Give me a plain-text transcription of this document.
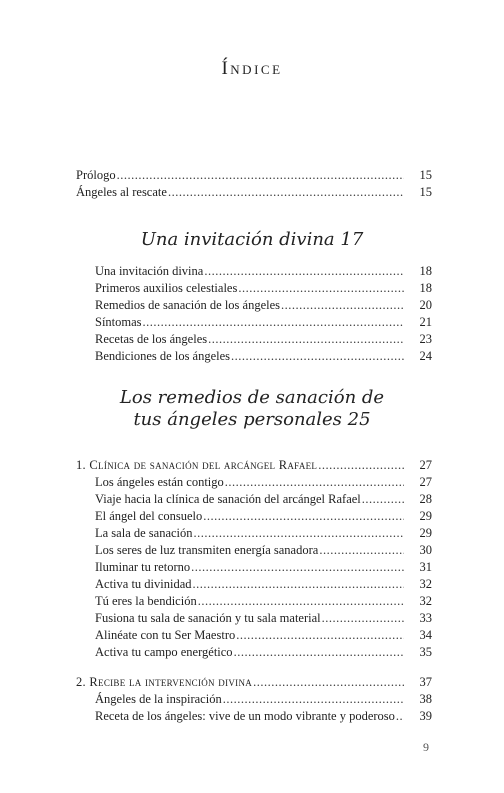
Índice
Prólogo .....	15
Ángeles al rescate .....	15
Una invitación divina 17
Una invitación divina .....	18
Primeros auxilios celestiales .....	18
Remedios de sanación de los ángeles .....	20
Síntomas .....	21
Recetas de los ángeles .....	23
Bendiciones de los ángeles .....	24
Los remedios de sanación de
tus ángeles personales 25
1. Clínica de sanación del arcángel Rafael .....	27
Los ángeles están contigo .....	27
Viaje hacia la clínica de sanación del arcángel Rafael .....	28
El ángel del consuelo .....	29
La sala de sanación .....	29
Los seres de luz transmiten energía sanadora .....	30
Iluminar tu retorno .....	31
Activa tu divinidad .....	32
Tú eres la bendición .....	32
Fusiona tu sala de sanación y tu sala material .....	33
Alinéate con tu Ser Maestro .....	34
Activa tu campo energético .....	35
2. Recibe la intervención divina .....	37
Ángeles de la inspiración .....	38
Receta de los ángeles: vive de un modo vibrante y poderoso .....	39
9
